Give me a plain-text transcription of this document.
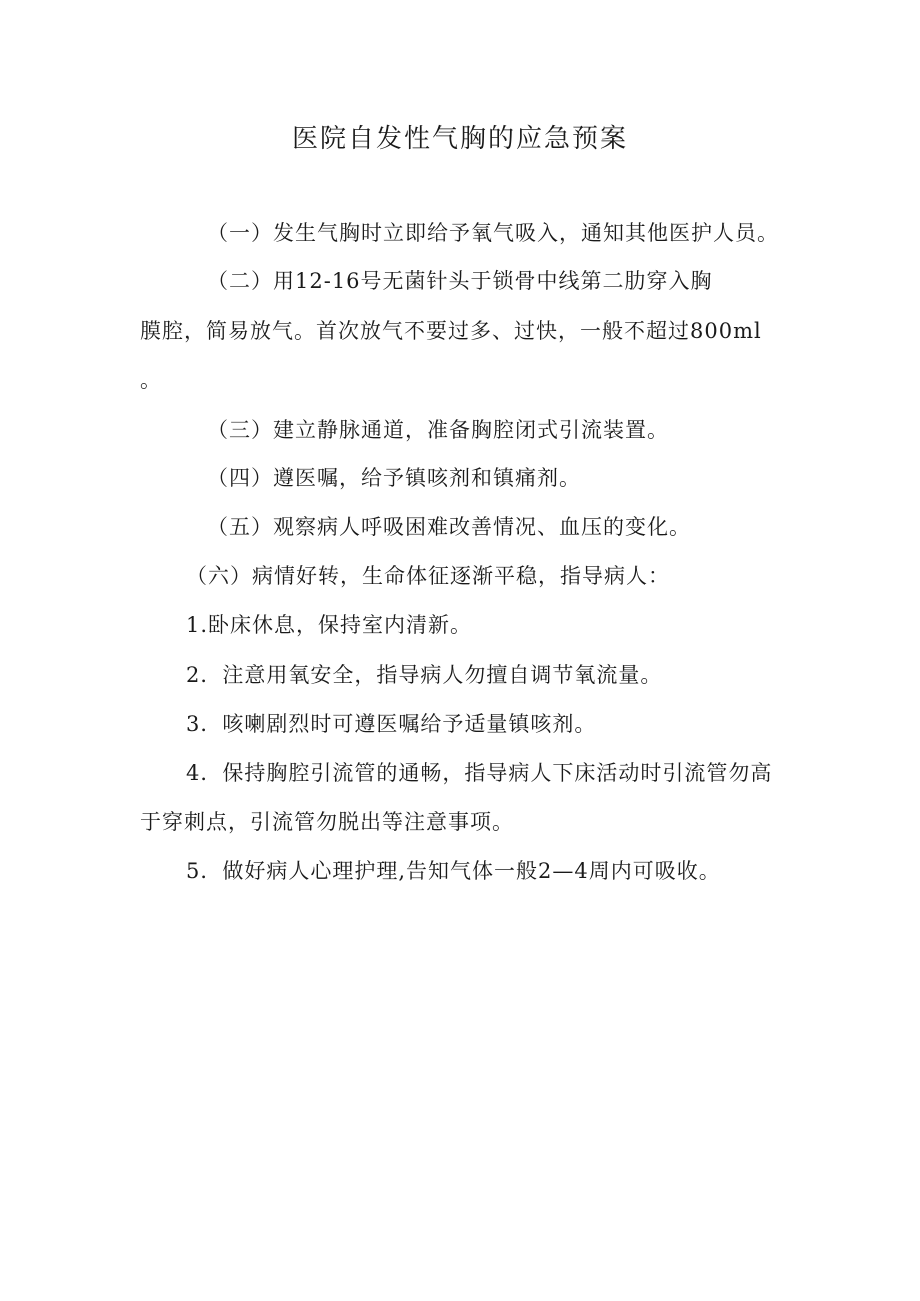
医院自发性气胸的应急预案
（一）发生气胸时立即给予氧气吸入，通知其他医护人员。
（二）用12-16号无菌针头于锁骨中线第二肋穿入胸
膜腔，简易放气。首次放气不要过多、过快，一般不超过800ml
。
（三）建立静脉通道，准备胸腔闭式引流装置。
（四）遵医嘱，给予镇咳剂和镇痛剂。
（五）观察病人呼吸困难改善情况、血压的变化。
（六）病情好转，生命体征逐渐平稳，指导病人：
1.卧床休息，保持室内清新。
2．注意用氧安全，指导病人勿擅自调节氧流量。
3．咳喇剧烈时可遵医嘱给予适量镇咳剂。
4．保持胸腔引流管的通畅，指导病人下床活动时引流管勿高
于穿刺点，引流管勿脱出等注意事项。
5．做好病人心理护理,告知气体一般2—4周内可吸收。
